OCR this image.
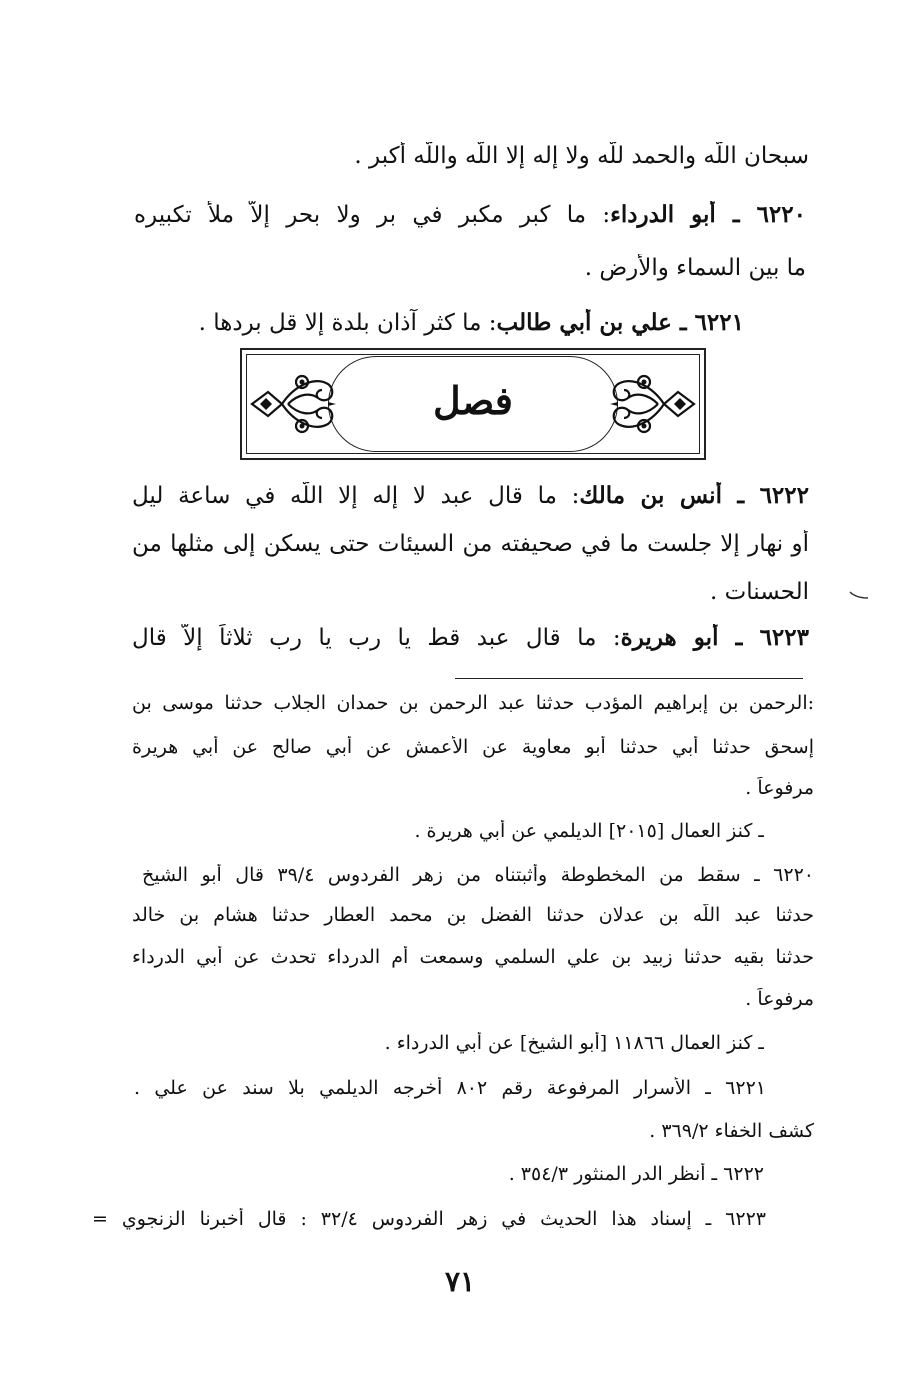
سبحان اللّه والحمد للّه ولا إله إلا اللّه واللّه أكبر .
٦٢٢٠ ـ أبو الدرداء: ما كبر مكبر في بر ولا بحر إلاّ ملأ تكبيره
ما بين السماء والأرض .
٦٢٢١ ـ علي بن أبي طالب: ما كثر آذان بلدة إلا قل بردها .
فصل
٦٢٢٢ ـ أنس بن مالك: ما قال عبد لا إله إلا اللّه في ساعة ليل
أو نهار إلا جلست ما في صحيفته من السيئات حتى يسكن إلى مثلها من
الحسنات .
٦٢٢٣ ـ أبو هريرة: ما قال عبد قط يا رب يا رب ثلاثاً إلاّ قال
:الرحمن بن إبراهيم المؤدب حدثنا عبد الرحمن بن حمدان الجلاب حدثنا موسى بن
إسحق حدثنا أبي حدثنا أبو معاوية عن الأعمش عن أبي صالح عن أبي هريرة
مرفوعاً .
ـ كنز العمال [٢٠١٥] الديلمي عن أبي هريرة .
٦٢٢٠ ـ سقط من المخطوطة وأثبتناه من زهر الفردوس ٣٩/٤ قال أبو الشيخ
حدثنا عبد اللّه بن عدلان حدثنا الفضل بن محمد العطار حدثنا هشام بن خالد
حدثنا بقيه حدثنا زبيد بن علي السلمي وسمعت أم الدرداء تحدث عن أبي الدرداء
مرفوعاً .
ـ كنز العمال ١١٨٦٦ [أبو الشيخ] عن أبي الدرداء .
٦٢٢١ ـ الأسرار المرفوعة رقم ٨٠٢ أخرجه الديلمي بلا سند عن علي .
كشف الخفاء ٣٦٩/٢ .
٦٢٢٢ ـ أنظر الدر المنثور ٣٥٤/٣ .
٦٢٢٣ ـ إسناد هذا الحديث في زهر الفردوس ٣٢/٤ : قال أخبرنا الزنجوي =
٧١
